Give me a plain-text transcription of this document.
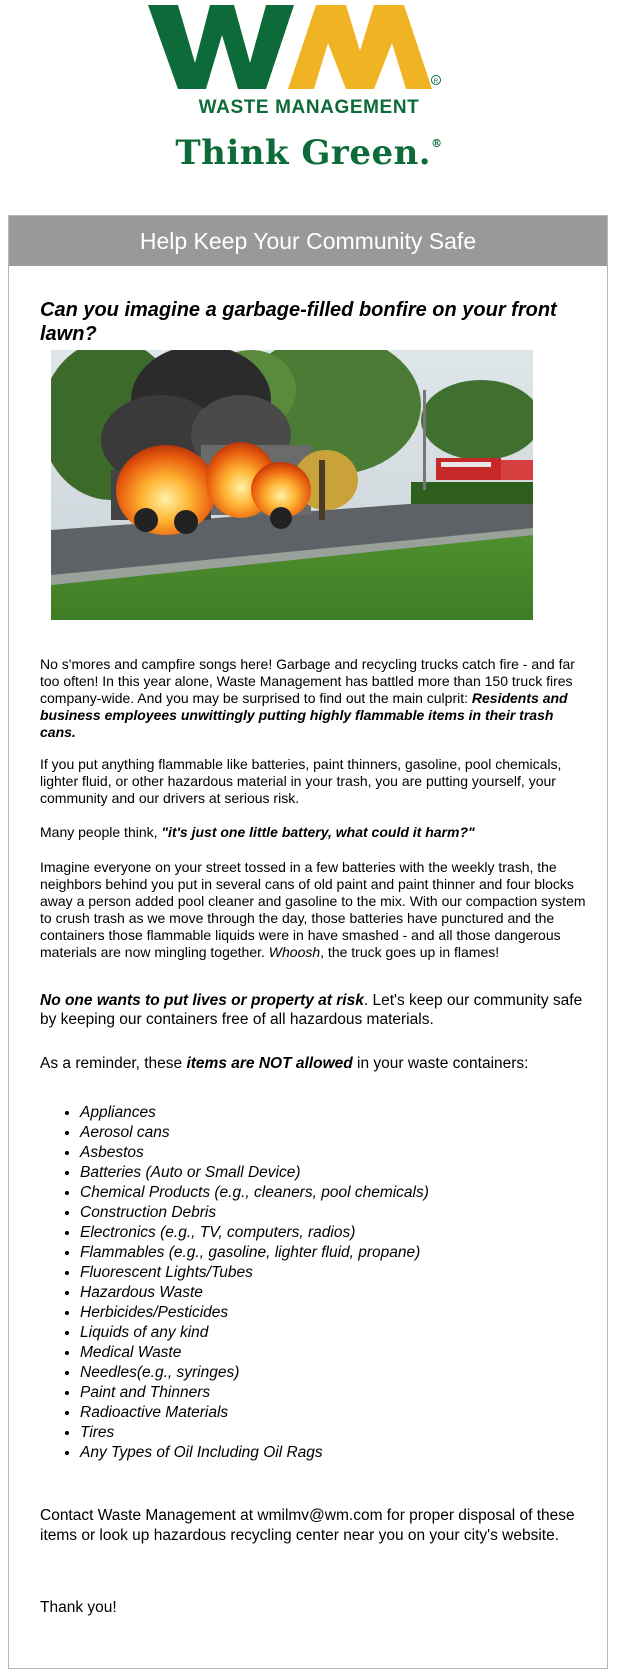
R
WASTE MANAGEMENT
Think Green.®
Help Keep Your Community Safe
Can you imagine a garbage-filled bonfire on your front lawn?
No s'mores and campfire songs here! Garbage and recycling trucks catch fire - and far too often! In this year alone, Waste Management has battled more than 150 truck fires company-wide. And you may be surprised to find out the main culprit: Residents and business employees unwittingly putting highly flammable items in their trash cans.
If you put anything flammable like batteries, paint thinners, gasoline, pool chemicals, lighter fluid, or other hazardous material in your trash, you are putting yourself, your community and our drivers at serious risk.
Many people think, "it's just one little battery, what could it harm?"
Imagine everyone on your street tossed in a few batteries with the weekly trash, the neighbors behind you put in several cans of old paint and paint thinner and four blocks away a person added pool cleaner and gasoline to the mix. With our compaction system to crush trash as we move through the day, those batteries have punctured and the containers those flammable liquids were in have smashed - and all those dangerous materials are now mingling together. Whoosh, the truck goes up in flames!
No one wants to put lives or property at risk. Let's keep our community safe by keeping our containers free of all hazardous materials.
As a reminder, these items are NOT allowed in your waste containers:
• Appliances
• Aerosol cans
• Asbestos
• Batteries (Auto or Small Device)
• Chemical Products (e.g., cleaners, pool chemicals)
• Construction Debris
• Electronics (e.g., TV, computers, radios)
• Flammables (e.g., gasoline, lighter fluid, propane)
• Fluorescent Lights/Tubes
• Hazardous Waste
• Herbicides/Pesticides
• Liquids of any kind
• Medical Waste
• Needles(e.g., syringes)
• Paint and Thinners
• Radioactive Materials
• Tires
• Any Types of Oil Including Oil Rags
Contact Waste Management at wmilmv@wm.com for proper disposal of these items or look up hazardous recycling center near you on your city's website.
Thank you!
